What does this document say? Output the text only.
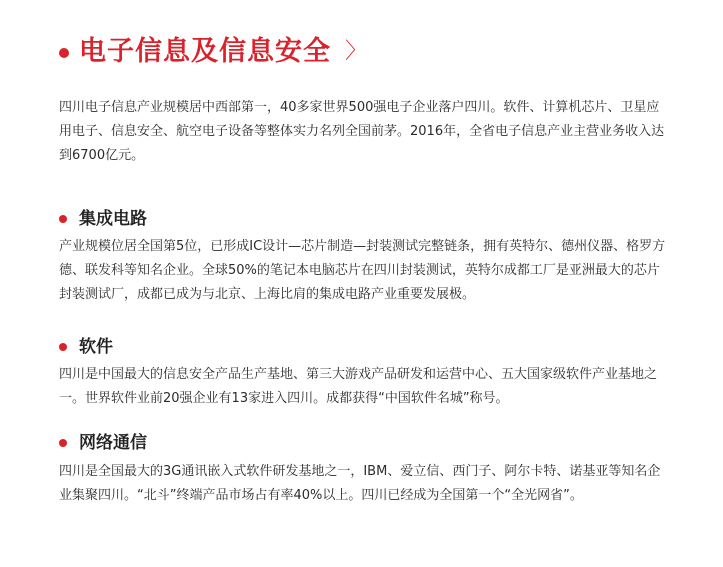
电子信息及信息安全 〉

四川电子信息产业规模居中西部第一，40多家世界500强电子企业落户四川。软件、计算机芯片、卫星应用电子、信息安全、航空电子设备等整体实力名列全国前茅。2016年，全省电子信息产业主营业务收入达到6700亿元。

集成电路

产业规模位居全国第5位，已形成IC设计—芯片制造—封装测试完整链条，拥有英特尔、德州仪器、格罗方德、联发科等知名企业。全球50%的笔记本电脑芯片在四川封装测试，英特尔成都工厂是亚洲最大的芯片封装测试厂，成都已成为与北京、上海比肩的集成电路产业重要发展极。

软件

四川是中国最大的信息安全产品生产基地、第三大游戏产品研发和运营中心、五大国家级软件产业基地之一。世界软件业前20强企业有13家进入四川。成都获得“中国软件名城”称号。

网络通信

四川是全国最大的3G通讯嵌入式软件研发基地之一，IBM、爱立信、西门子、阿尔卡特、诺基亚等知名企业集聚四川。“北斗”终端产品市场占有率40%以上。四川已经成为全国第一个“全光网省”。
